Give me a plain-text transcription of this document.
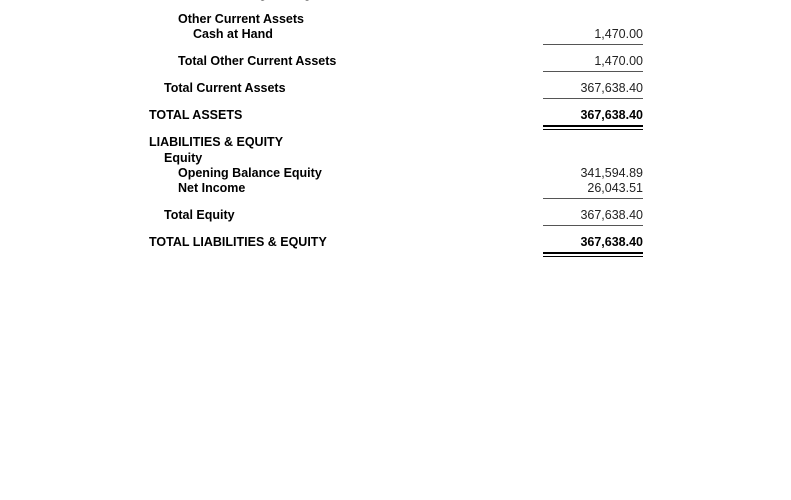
Other Current Assets
Cash at Hand	1,470.00
Total Other Current Assets	1,470.00
Total Current Assets	367,638.40
TOTAL ASSETS	367,638.40
LIABILITIES & EQUITY
Equity
Opening Balance Equity	341,594.89
Net Income	26,043.51
Total Equity	367,638.40
TOTAL LIABILITIES & EQUITY	367,638.40
